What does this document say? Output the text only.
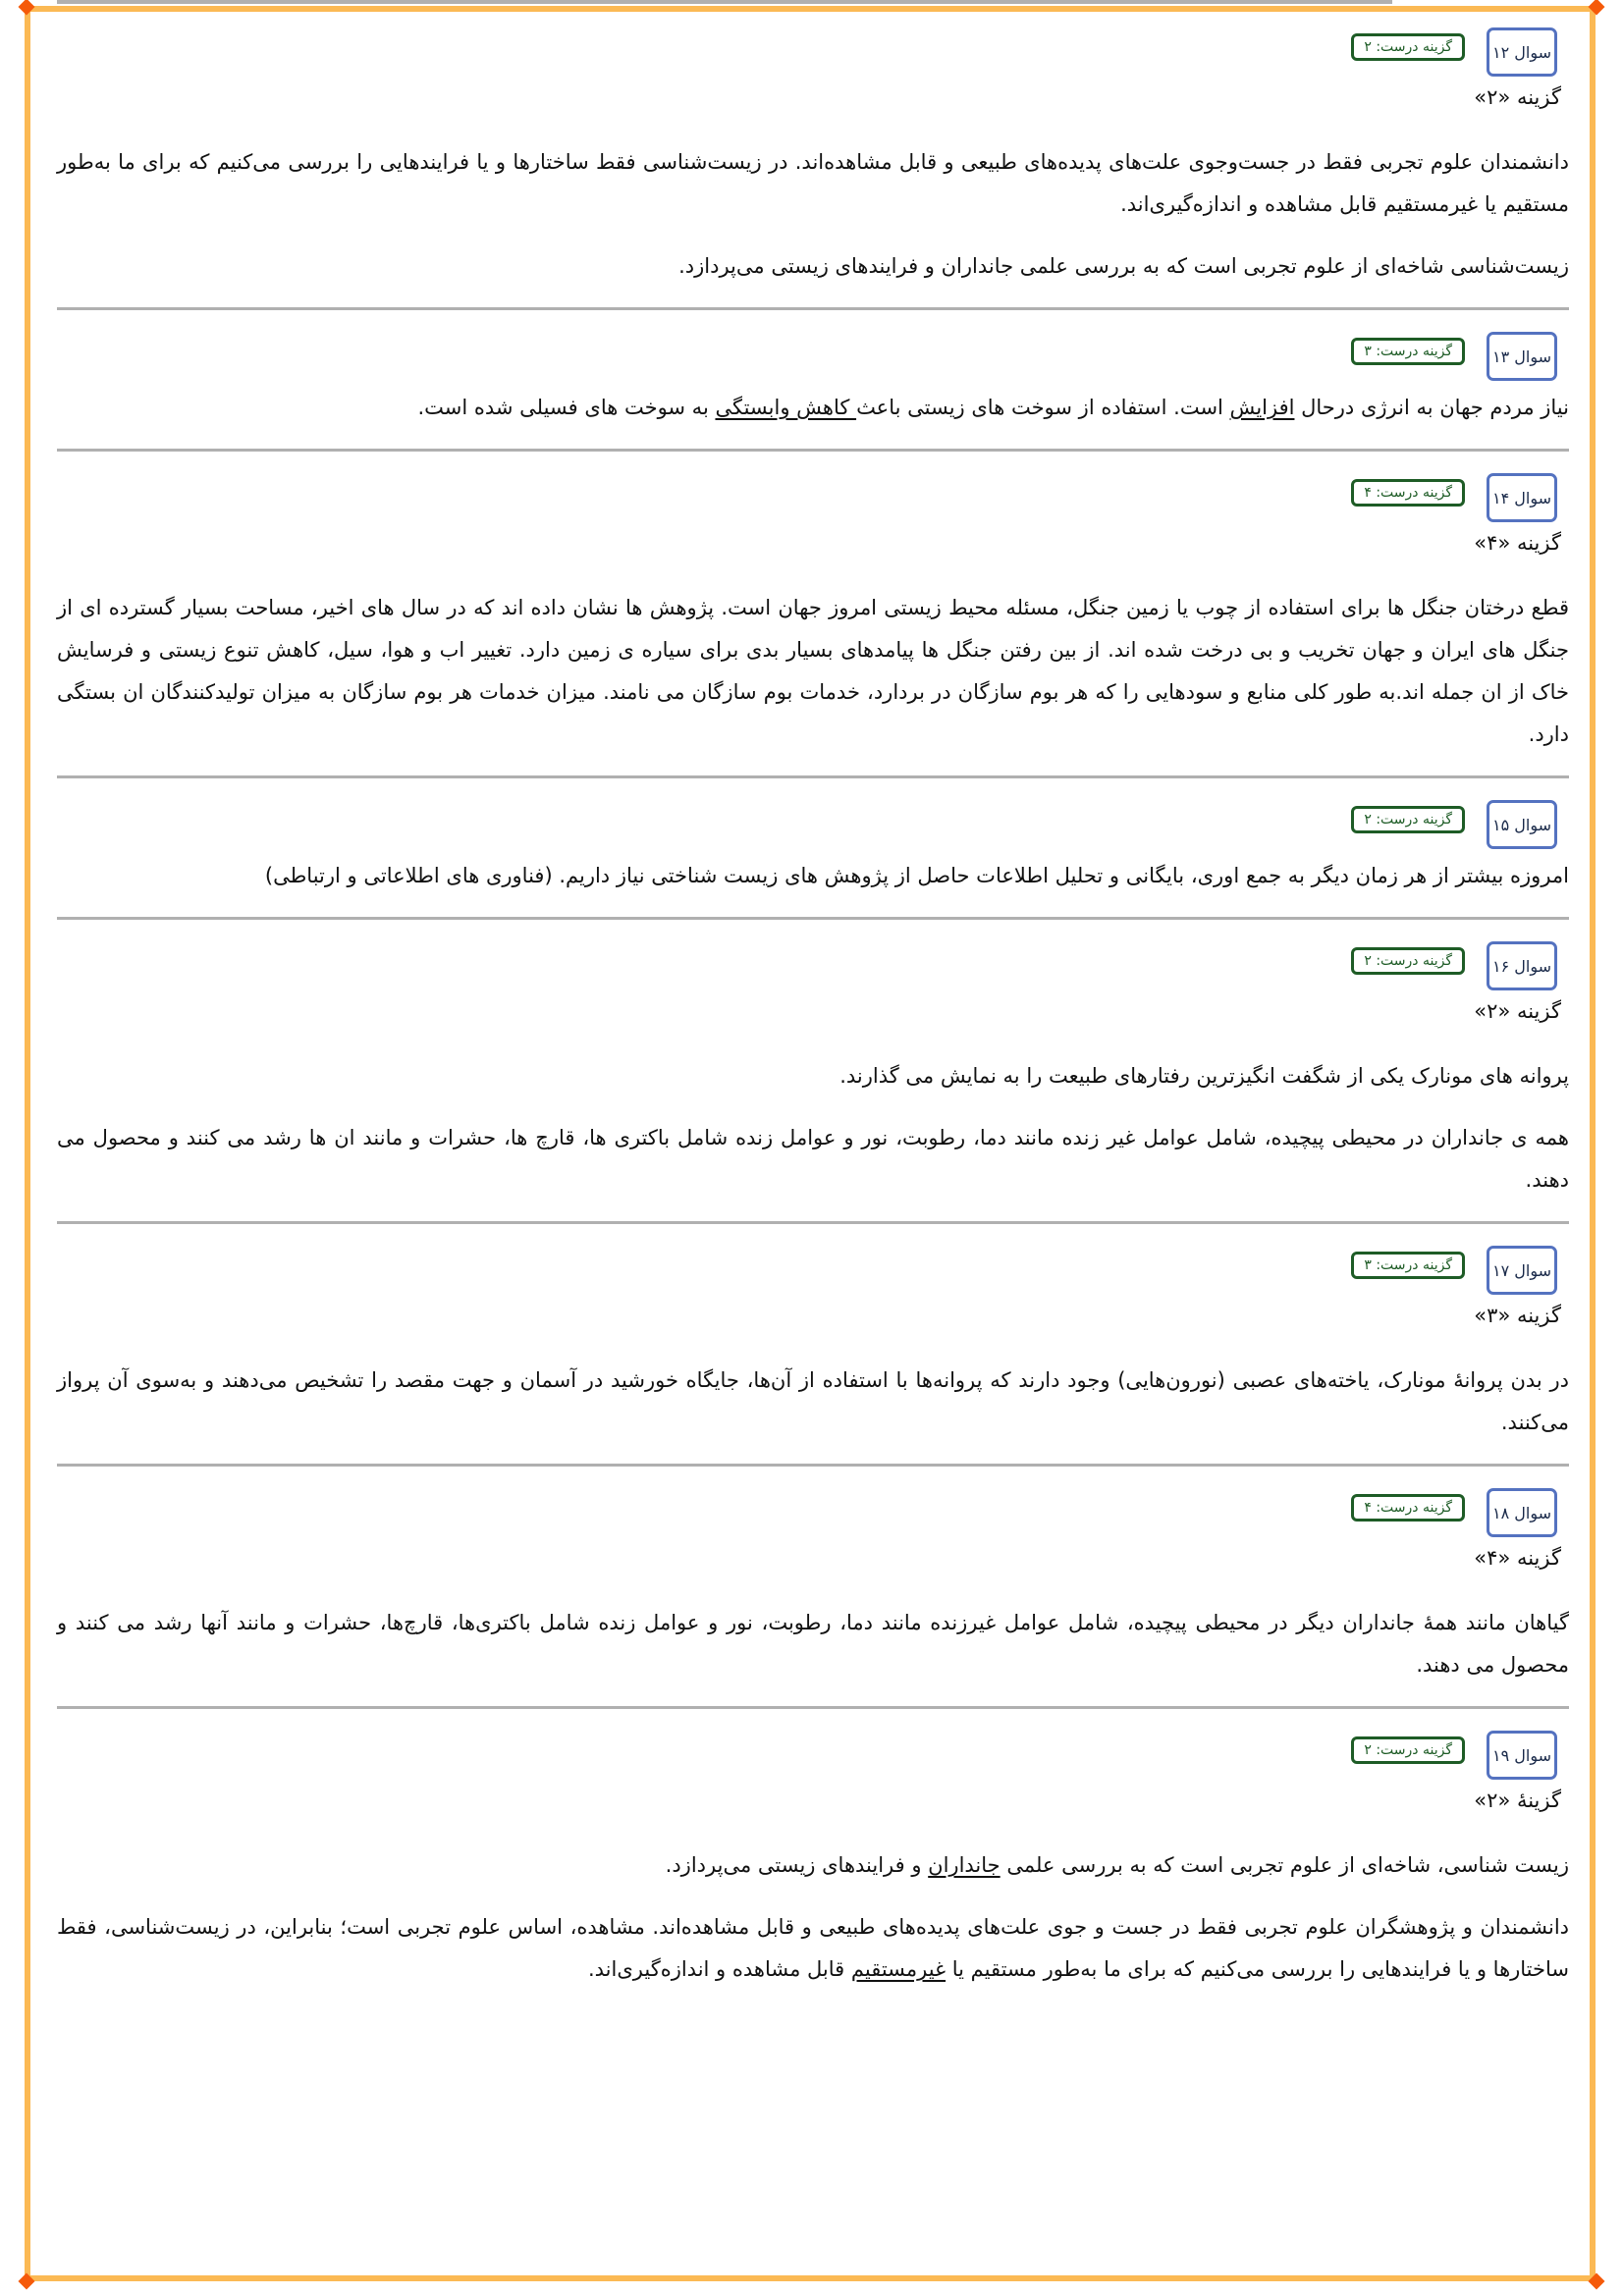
سوال ۱۲
گزینه درست: ۲
گزینه «۲»

دانشمندان علوم تجربی فقط در جست‌وجوی علت‌های پدیده‌های طبیعی و قابل مشاهده‌اند. در زیست‌شناسی فقط ساختارها و یا فرایندهایی را بررسی می‌کنیم که برای ما به‌طور مستقیم یا غیرمستقیم قابل مشاهده و اندازه‌گیری‌اند.

زیست‌شناسی شاخه‌ای از علوم تجربی است که به بررسی علمی جانداران و فرایندهای زیستی می‌پردازد.

سوال ۱۳
گزینه درست: ۳

نیاز مردم جهان به انرژی درحال افزایش است. استفاده از سوخت های زیستی باعث کاهش وابستگی به سوخت های فسیلی شده است.

سوال ۱۴
گزینه درست: ۴
گزینه «۴»

قطع درختان جنگل ها برای استفاده از چوب یا زمین جنگل، مسئله محیط زیستی امروز جهان است. پژوهش ها نشان داده اند که در سال های اخیر، مساحت بسیار گسترده ای از جنگل های ایران و جهان تخریب و بی درخت شده اند. از بین رفتن جنگل ها پیامدهای بسیار بدی برای سیاره ی زمین دارد. تغییر اب و هوا، سیل، کاهش تنوع زیستی و فرسایش خاک از ان جمله اند.به طور کلی منابع و سودهایی را که هر بوم سازگان در بردارد، خدمات بوم سازگان می نامند. میزان خدمات هر بوم سازگان به میزان تولیدکنندگان ان بستگی دارد.

سوال ۱۵
گزینه درست: ۲

امروزه بیشتر از هر زمان دیگر به جمع اوری، بایگانی و تحلیل اطلاعات حاصل از پژوهش های زیست شناختی نیاز داریم. (فناوری های اطلاعاتی و ارتباطی)

سوال ۱۶
گزینه درست: ۲
گزینه «۲»

پروانه های مونارک یکی از شگفت انگیزترین رفتارهای طبیعت را به نمایش می گذارند.

همه ی جانداران در محیطی پیچیده، شامل عوامل غیر زنده مانند دما، رطوبت، نور و عوامل زنده شامل باکتری ها، قارچ ها، حشرات و مانند ان ها رشد می کنند و محصول می دهند.

سوال ۱۷
گزینه درست: ۳
گزینه «۳»

در بدن پروانۀ مونارک، یاخته‌های عصبی (نورون‌هایی) وجود دارند که پروانه‌ها با استفاده از آن‌ها، جایگاه خورشید در آسمان و جهت مقصد را تشخیص می‌دهند و به‌سوی آن پرواز می‌کنند.

سوال ۱۸
گزینه درست: ۴
گزینه «۴»

گیاهان مانند همۀ جانداران دیگر در محیطی پیچیده، شامل عوامل غیرزنده مانند دما، رطوبت، نور و عوامل زنده شامل باکتری‌ها، قارچ‌ها، حشرات و مانند آنها رشد می کنند و محصول می دهند.

سوال ۱۹
گزینه درست: ۲
گزینۀ «۲»

زیست شناسی، شاخه‌ای از علوم تجربی است که به بررسی علمی جانداران و فرایندهای زیستی می‌پردازد.

دانشمندان و پژوهشگران علوم تجربی فقط در جست و جوی علت‌های پدیده‌های طبیعی و قابل مشاهده‌اند. مشاهده، اساس علوم تجربی است؛ بنابراین، در زیست‌شناسی، فقط ساختارها و یا فرایندهایی را بررسی می‌کنیم که برای ما به‌طور مستقیم یا غیرمستقیم قابل مشاهده و اندازه‌گیری‌اند.
